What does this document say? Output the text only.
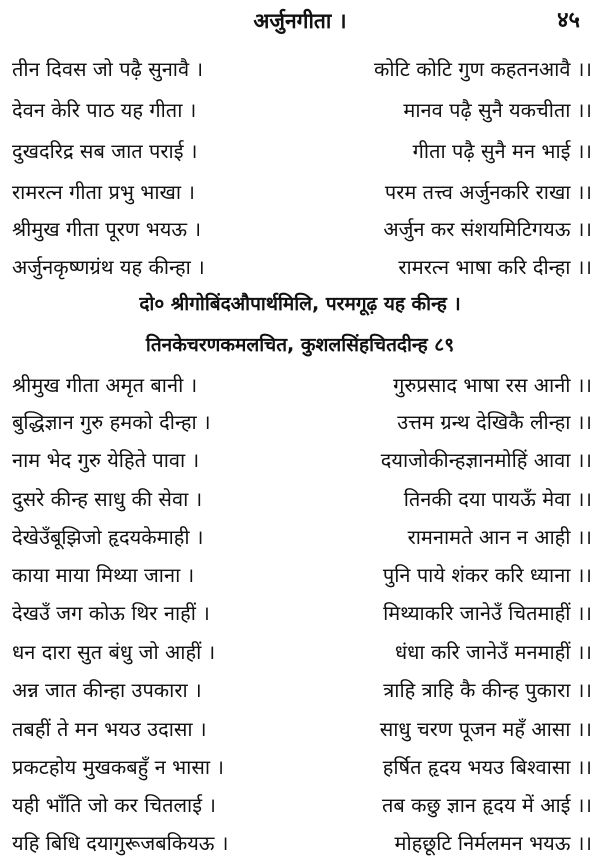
अर्जुनगीता ।	४५
तीन दिवस जो पढ़ै सुनावै ।	कोटि कोटि गुण कहतनआवै ।।
देवन केरि पाठ यह गीता ।	मानव पढ़ै सुनै यकचीता ।।
दुखदरिद्र सब जात पराई ।	गीता पढ़ै सुनै मन भाई ।।
रामरत्न गीता प्रभु भाखा ।	परम तत्त्व अर्जुनकरि राखा ।।
श्रीमुख गीता पूरण भयऊ ।	अर्जुन कर संशयमिटिगयऊ ।।
अर्जुनकृष्णग्रंथ यह कीन्हा ।	रामरत्न भाषा करि दीन्हा ।।
दो० श्रीगोबिंदऔपार्थमिलि, परमगूढ़ यह कीन्ह ।
तिनकेचरणकमलचित, कुशलसिंहचितदीन्ह ८९
श्रीमुख गीता अमृत बानी ।	गुरुप्रसाद भाषा रस आनी ।।
बुद्धिज्ञान गुरु हमको दीन्हा ।	उत्तम ग्रन्थ देखिकै लीन्हा ।।
नाम भेद गुरु येहिते पावा ।	दयाजोकीन्हज्ञानमोहिं आवा ।।
दुसरे कीन्ह साधु की सेवा ।	तिनकी दया पायऊँ मेवा ।।
देखेउँबूझिजो हृदयकेमाही ।	रामनामते आन न आही ।।
काया माया मिथ्या जाना ।	पुनि पाये शंकर करि ध्याना ।।
देखउँ जग कोऊ थिर नाहीं ।	मिथ्याकरि जानेउँ चितमाहीं ।।
धन दारा सुत बंधु जो आहीं ।	धंधा करि जानेउँ मनमाहीं ।।
अन्न जात कीन्हा उपकारा ।	त्राहि त्राहि कै कीन्ह पुकारा ।।
तबहीं ते मन भयउ उदासा ।	साधु चरण पूजन महँ आसा ।।
प्रकटहोय मुखकबहुँ न भासा ।	हर्षित हृदय भयउ बिश्वासा ।।
यही भाँति जो कर चितलाई ।	तब कछु ज्ञान हृदय में आई ।।
यहि बिधि दयागुरूजबकियऊ ।	मोहछूटि निर्मलमन भयऊ ।।
